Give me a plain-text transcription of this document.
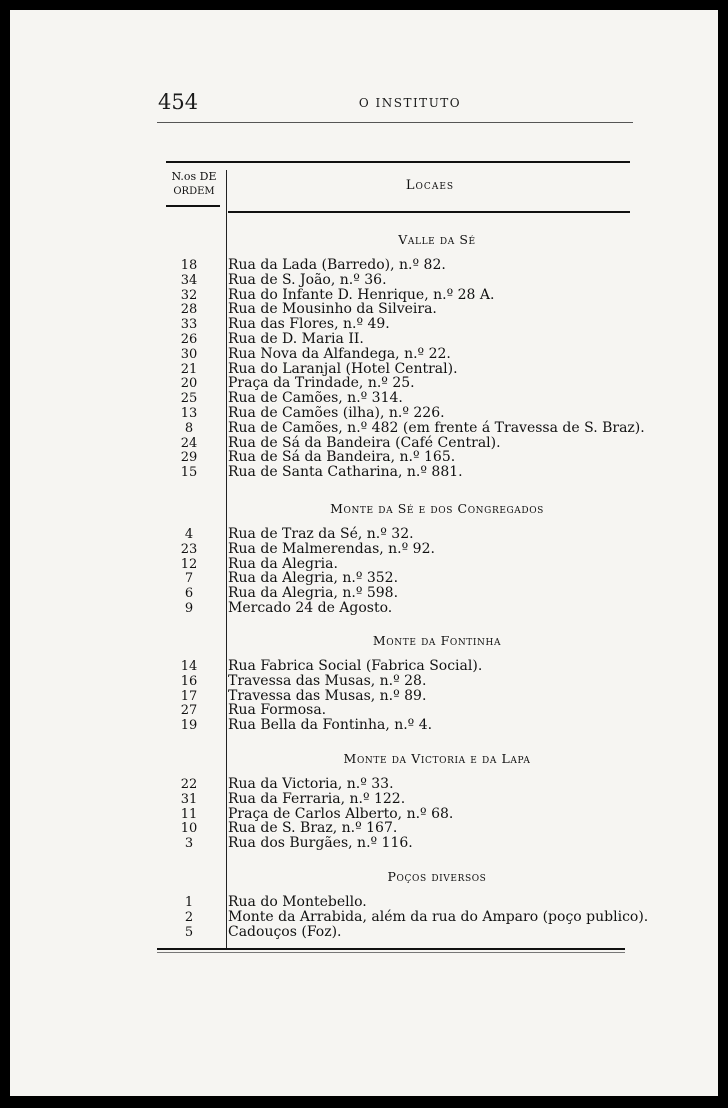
454	O INSTITUTO
N.os DE
ORDEM	Locaes
Valle da Sé
18	Rua da Lada (Barredo), n.º 82.
34	Rua de S. João, n.º 36.
32	Rua do Infante D. Henrique, n.º 28 A.
28	Rua de Mousinho da Silveira.
33	Rua das Flores, n.º 49.
26	Rua de D. Maria II.
30	Rua Nova da Alfandega, n.º 22.
21	Rua do Laranjal (Hotel Central).
20	Praça da Trindade, n.º 25.
25	Rua de Camões, n.º 314.
13	Rua de Camões (ilha), n.º 226.
8	Rua de Camões, n.º 482 (em frente á Travessa de S. Braz).
24	Rua de Sá da Bandeira (Café Central).
29	Rua de Sá da Bandeira, n.º 165.
15	Rua de Santa Catharina, n.º 881.
Monte da Sé e dos Congregados
4	Rua de Traz da Sé, n.º 32.
23	Rua de Malmerendas, n.º 92.
12	Rua da Alegria.
7	Rua da Alegria, n.º 352.
6	Rua da Alegria, n.º 598.
9	Mercado 24 de Agosto.
Monte da Fontinha
14	Rua Fabrica Social (Fabrica Social).
16	Travessa das Musas, n.º 28.
17	Travessa das Musas, n.º 89.
27	Rua Formosa.
19	Rua Bella da Fontinha, n.º 4.
Monte da Victoria e da Lapa
22	Rua da Victoria, n.º 33.
31	Rua da Ferraria, n.º 122.
11	Praça de Carlos Alberto, n.º 68.
10	Rua de S. Braz, n.º 167.
3	Rua dos Burgães, n.º 116.
Poços diversos
1	Rua do Montebello.
2	Monte da Arrabida, além da rua do Amparo (poço publico).
5	Cadouços (Foz).
